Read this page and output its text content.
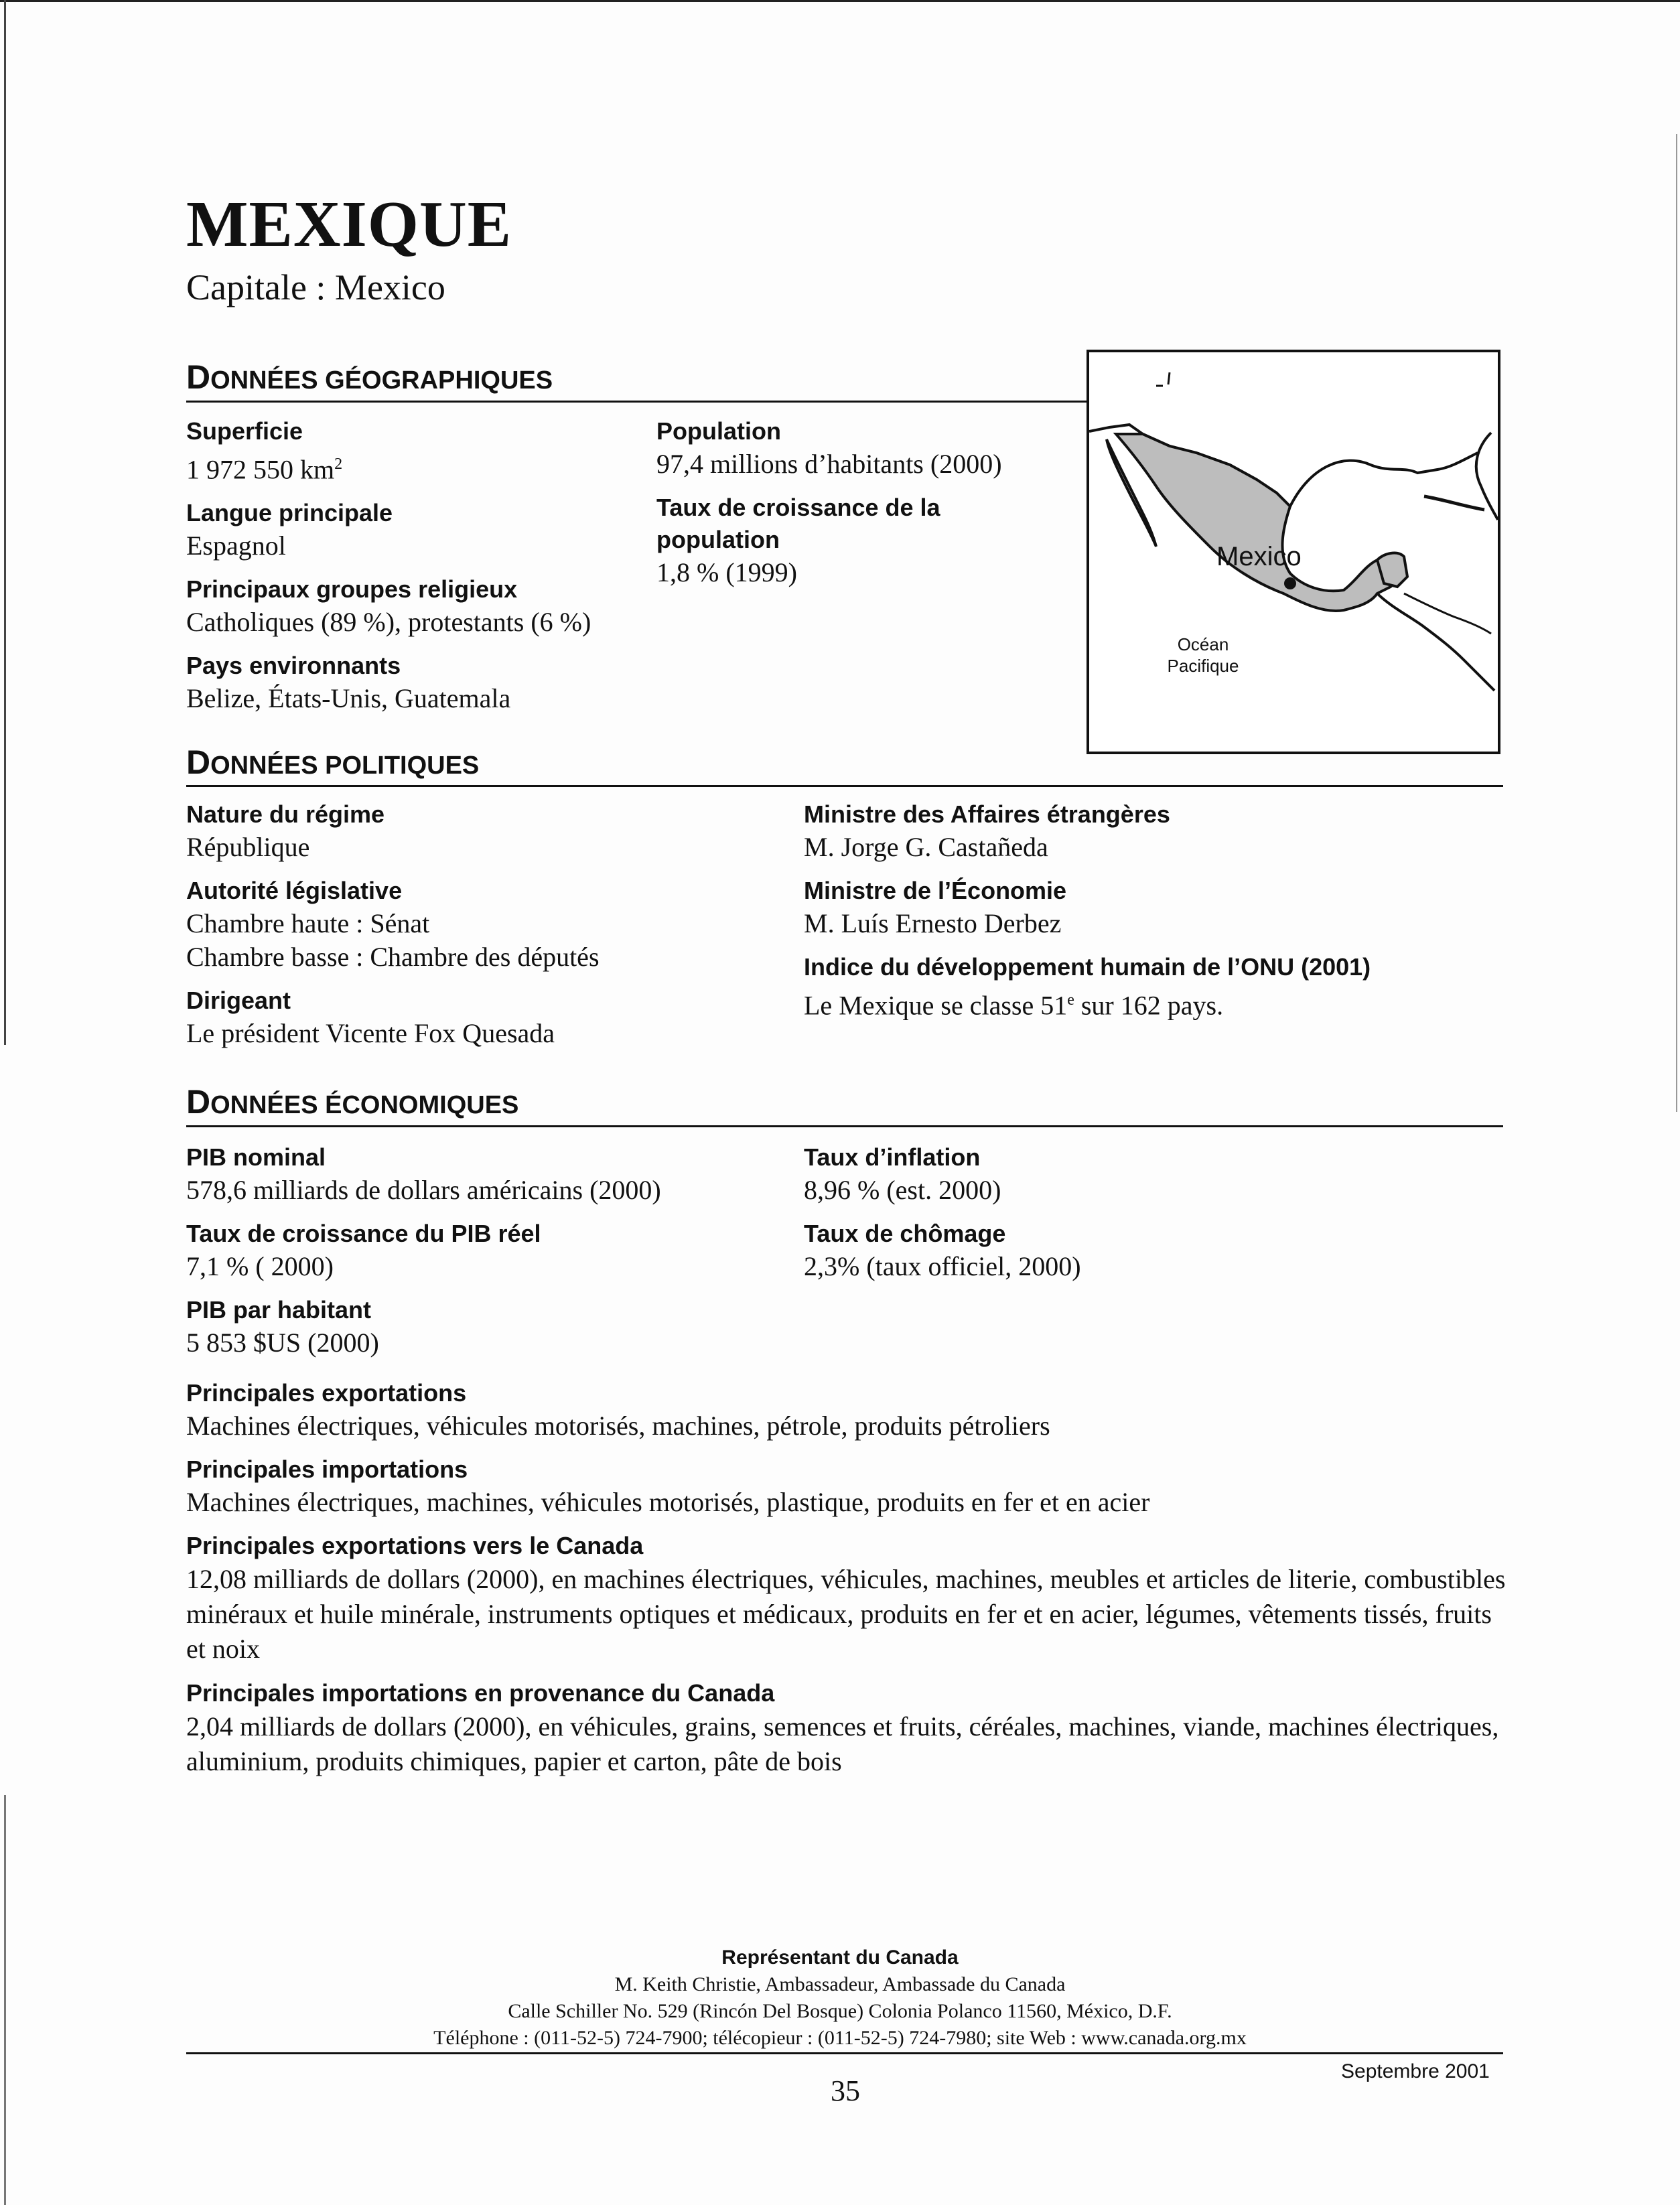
MEXIQUE
Capitale : Mexico
DONNÉES GÉOGRAPHIQUES
Superficie
1 972 550 $km^2$
Langue principale
Espagnol
Principaux groupes religieux
Catholiques (89 %), protestants (6 %)
Pays environnants
Belize, États-Unis, Guatemala
Population
97,4 millions d’habitants (2000)
Taux de croissance de la
population
1,8 % (1999)
Mexico
Océan
Pacifique
DONNÉES POLITIQUES
Nature du régime
République
Autorité législative
Chambre haute : Sénat
Chambre basse : Chambre des députés
Dirigeant
Le président Vicente Fox Quesada
Ministre des Affaires étrangères
M. Jorge G. Castañeda
Ministre de l’Économie
M. Luís Ernesto Derbez
Indice du développement humain de l’ONU (2001)
Le Mexique se classe 51e sur 162 pays.
DONNÉES ÉCONOMIQUES
PIB nominal
578,6 milliards de dollars américains (2000)
Taux de croissance du PIB réel
7,1 % ( 2000)
PIB par habitant
5 853 $US (2000)
Taux d’inflation
8,96 % (est. 2000)
Taux de chômage
2,3% (taux officiel, 2000)
Principales exportations
Machines électriques, véhicules motorisés, machines, pétrole, produits pétroliers
Principales importations
Machines électriques, machines, véhicules motorisés, plastique, produits en fer et en acier
Principales exportations vers le Canada
12,08 milliards de dollars (2000), en machines électriques, véhicules, machines, meubles et articles de literie, combustibles minéraux et huile minérale, instruments optiques et médicaux, produits en fer et en acier, légumes, vêtements tissés, fruits et noix
Principales importations en provenance du Canada
2,04 milliards de dollars (2000), en véhicules, grains, semences et fruits, céréales, machines, viande, machines électriques, aluminium, produits chimiques, papier et carton, pâte de bois
Représentant du Canada
M. Keith Christie, Ambassadeur, Ambassade du Canada
Calle Schiller No. 529 (Rincón Del Bosque) Colonia Polanco 11560, México, D.F.
Téléphone : (011-52-5) 724-7900; télécopieur : (011-52-5) 724-7980; site Web : www.canada.org.mx
Septembre 2001
35
